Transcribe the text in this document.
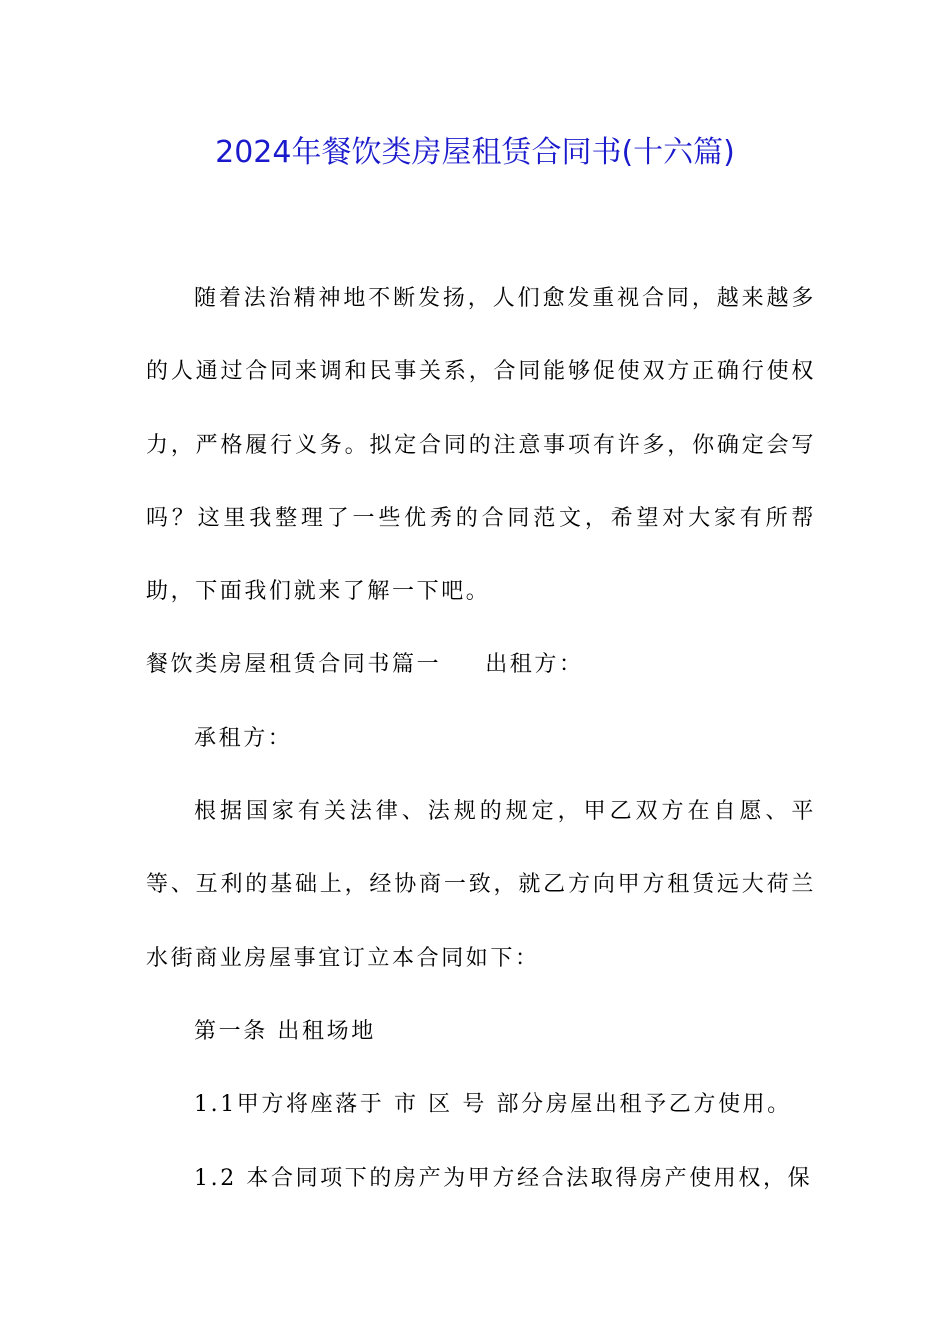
2024年餐饮类房屋租赁合同书(十六篇)

随着法治精神地不断发扬，人们愈发重视合同，越来越多的人通过合同来调和民事关系，合同能够促使双方正确行使权力，严格履行义务。拟定合同的注意事项有许多，你确定会写吗？这里我整理了一些优秀的合同范文，希望对大家有所帮助，下面我们就来了解一下吧。

餐饮类房屋租赁合同书篇一 出租方：

承租方：

根据国家有关法律、法规的规定，甲乙双方在自愿、平等、互利的基础上，经协商一致，就乙方向甲方租赁远大荷兰水街商业房屋事宜订立本合同如下：

第一条 出租场地

1.1甲方将座落于 市 区 号 部分房屋出租予乙方使用。

1.2 本合同项下的房产为甲方经合法取得房产使用权，保
